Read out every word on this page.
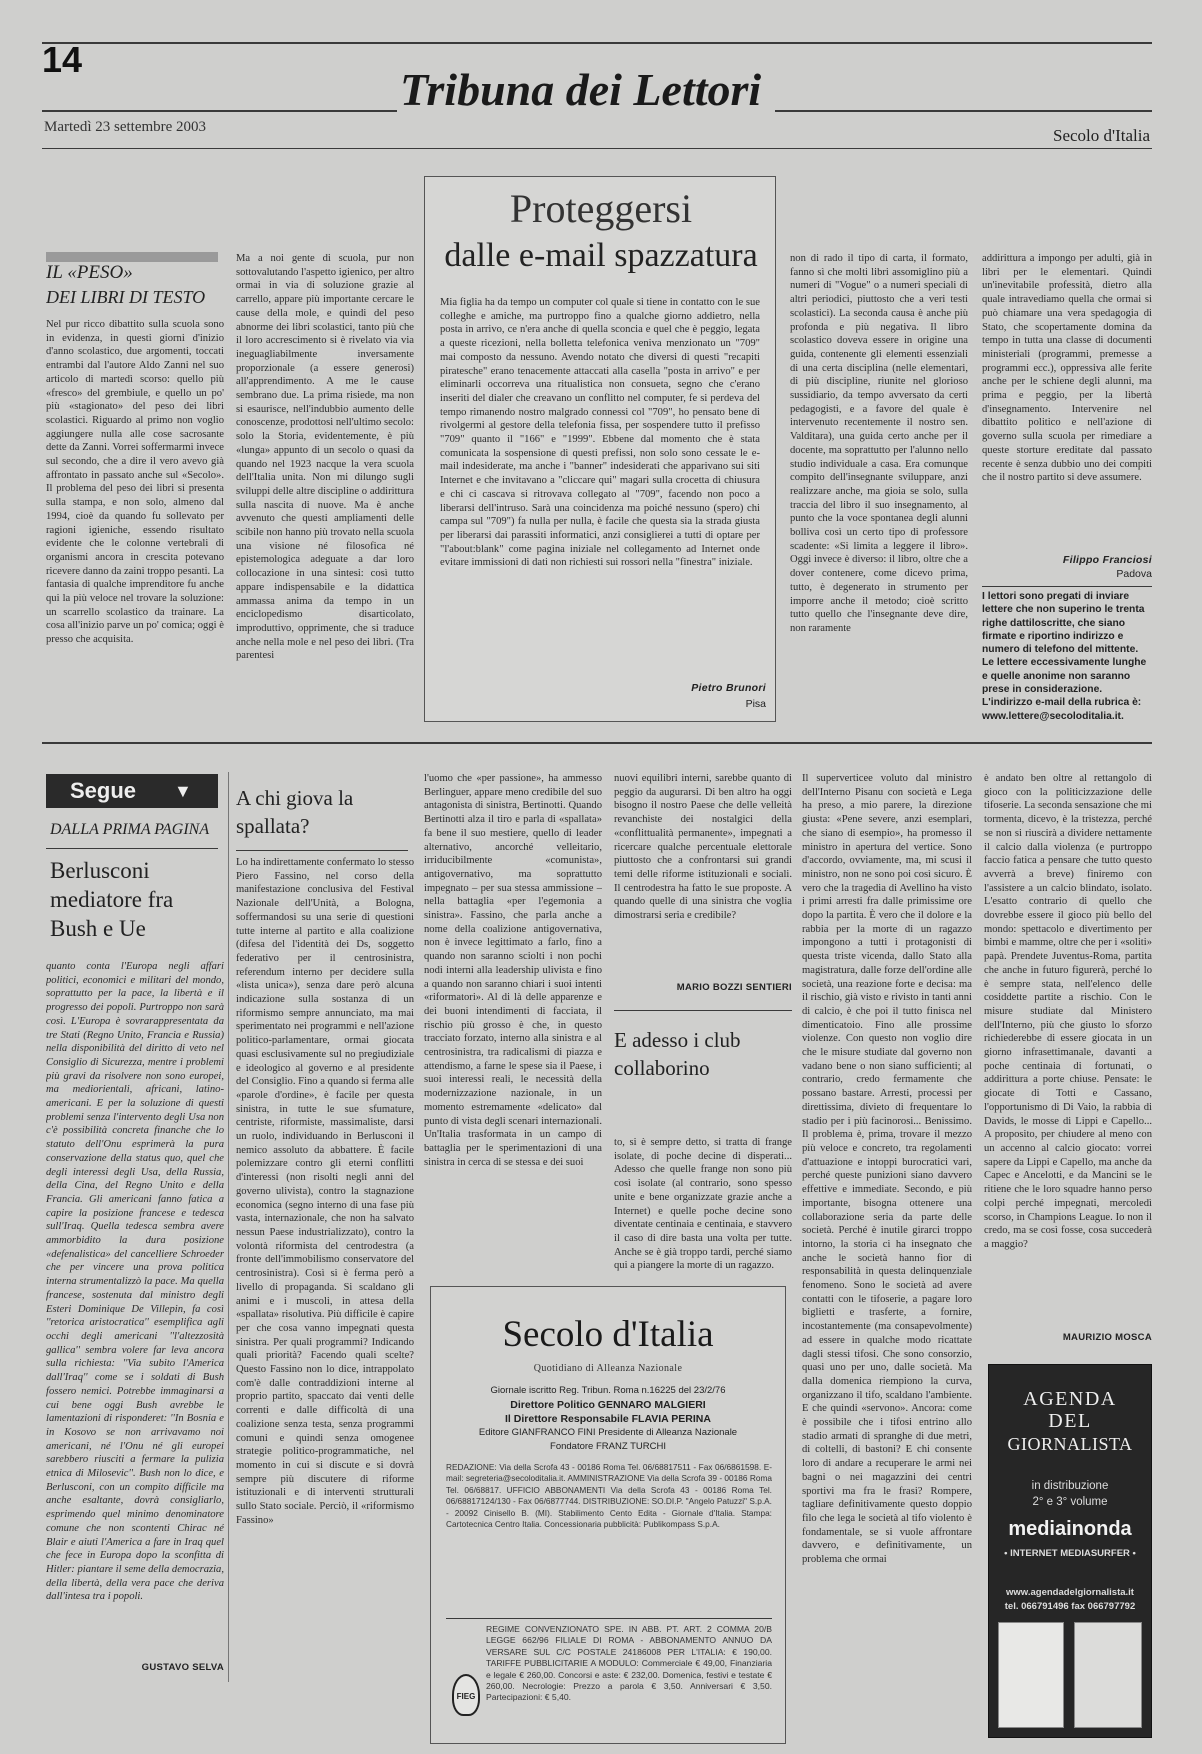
14
Tribuna dei Lettori
Martedì 23 settembre 2003	Secolo d'Italia
IL «PESO»
DEI LIBRI DI TESTO
Nel pur ricco dibattito sulla scuola sono in evidenza, in questi giorni d'inizio d'anno scolastico, due argomenti, toccati entrambi dal l'autore Aldo Zanni nel suo articolo di martedì scorso: quello più «fresco» del grembiule, e quello un po' più «stagionato» del peso dei libri scolastici. Riguardo al primo non voglio aggiungere nulla alle cose sacrosante dette da Zanni. Vorrei soffermarmi invece sul secondo, che a dire il vero avevo già affrontato in passato anche sul «Secolo». Il problema del peso dei libri si presenta sulla stampa, e non solo, almeno dal 1994, cioè da quando fu sollevato per ragioni igieniche, essendo risultato evidente che le colonne vertebrali di organismi ancora in crescita potevano ricevere danno da zaini troppo pesanti. La fantasia di qualche imprenditore fu anche qui la più veloce nel trovare la soluzione: un scarrello scolastico da trainare. La cosa all'inizio parve un po' comica; oggi è presso che acquisita.
Ma a noi gente di scuola, pur non sottovalutando l'aspetto igienico, per altro ormai in via di soluzione grazie al carrello, appare più importante cercare le cause della mole, e quindi del peso abnorme dei libri scolastici, tanto più che il loro accrescimento si è rivelato via via ineguagliabilmente inversamente proporzionale (a essere generosi) all'apprendimento. A me le cause sembrano due. La prima risiede, ma non si esaurisce, nell'indubbio aumento delle conoscenze, prodottosi nell'ultimo secolo: solo la Storia, evidentemente, è più «lunga» appunto di un secolo o quasi da quando nel 1923 nacque la vera scuola dell'Italia unita. Non mi dilungo sugli sviluppi delle altre discipline o addirittura sulla nascita di nuove. Ma è anche avvenuto che questi ampliamenti delle scibile non hanno più trovato nella scuola una visione né filosofica né epistemologica adeguate a dar loro collocazione in una sintesi: così tutto appare indispensabile e la didattica ammassa anima da tempo in un enciclopedismo disarticolato, improduttivo, opprimente, che si traduce anche nella mole e nel peso dei libri. (Tra parentesi
non di rado il tipo di carta, il formato, fanno sì che molti libri assomiglino più a numeri di "Vogue" o a numeri speciali di altri periodici, piuttosto che a veri testi scolastici). La seconda causa è anche più profonda e più negativa. Il libro scolastico doveva essere in origine una guida, contenente gli elementi essenziali di una certa disciplina (nelle elementari, di più discipline, riunite nel glorioso sussidiario, da tempo avversato da certi pedagogisti, e a favore del quale è intervenuto recentemente il nostro sen. Valditara), una guida certo anche per il docente, ma soprattutto per l'alunno nello studio individuale a casa. Era comunque compito dell'insegnante sviluppare, anzi realizzare anche, ma gioia se solo, sulla traccia del libro il suo insegnamento, al punto che la voce spontanea degli alunni bolliva così un certo tipo di professore scadente: «Si limita a leggere il libro». Oggi invece è diverso: il libro, oltre che a dover contenere, come dicevo prima, tutto, è degenerato in strumento per imporre anche il metodo; cioè scritto tutto quello che l'insegnante deve dire, non raramente
addirittura a impongo per adulti, già in libri per le elementari. Quindi un'inevitabile professità, dietro alla quale intravediamo quella che ormai si può chiamare una vera spedagogia di Stato, che scopertamente domina da tempo in tutta una classe di documenti ministeriali (programmi, premesse a programmi ecc.), oppressiva alle ferite anche per le schiene degli alunni, ma prima e peggio, per la libertà d'insegnamento. Intervenire nel dibattito politico e nell'azione di governo sulla scuola per rimediare a queste storture ereditate dal passato recente è senza dubbio uno dei compiti che il nostro partito si deve assumere.
Filippo Franciosi
Padova
I lettori sono pregati di inviare lettere che non superino le trenta righe dattiloscritte, che siano firmate e riportino indirizzo e numero di telefono del mittente. Le lettere eccessivamente lunghe e quelle anonime non saranno prese in considerazione. L'indirizzo e-mail della rubrica è: www.lettere@secoloditalia.it.
Proteggersi
dalle e-mail spazzatura
Mia figlia ha da tempo un computer col quale si tiene in contatto con le sue colleghe e amiche, ma purtroppo fino a qualche giorno addietro, nella posta in arrivo, ce n'era anche di quella sconcia e quel che è peggio, legata a queste ricezioni, nella bolletta telefonica veniva menzionato un "709" mai composto da nessuno. Avendo notato che diversi di questi "recapiti piratesche" erano tenacemente attaccati alla casella "posta in arrivo" e per eliminarli occorreva una ritualistica non consueta, segno che c'erano inseriti del dialer che creavano un conflitto nel computer, fe si perdeva del tempo rimanendo nostro malgrado connessi col "709", ho pensato bene di rivolgermi al gestore della telefonia fissa, per sospendere tutto il prefisso "709" quanto il "166" e "1999". Ebbene dal momento che è stata comunicata la sospensione di questi prefissi, non solo sono cessate le e-mail indesiderate, ma anche i "banner" indesiderati che apparivano sui siti Internet e che invitavano a "cliccare qui" magari sulla crocetta di chiusura e chi ci cascava si ritrovava collegato al "709", facendo non poco a liberarsi dell'intruso. Sarà una coincidenza ma poiché nessuno (spero) chi campa sul "709") fa nulla per nulla, è facile che questa sia la strada giusta per liberarsi dai parassiti informatici, anzi consiglierei a tutti di optare per "l'about:blank" come pagina iniziale nel collegamento ad Internet onde evitare immissioni di dati non richiesti sui rossori nella "finestra" iniziale.
Pietro Brunori
Pisa
Segue	▼
DALLA PRIMA PAGINA
Berlusconi mediatore fra Bush e Ue
quanto conta l'Europa negli affari politici, economici e militari del mondo, soprattutto per la pace, la libertà e il progresso dei popoli. Purtroppo non sarà così. L'Europa è sovrarappresentata da tre Stati (Regno Unito, Francia e Russia) nella disponibilità del diritto di veto nel Consiglio di Sicurezza, mentre i problemi più gravi da risolvere non sono europei, ma mediorientali, africani, latino-americani. E per la soluzione di questi problemi senza l'intervento degli Usa non c'è possibilità concreta finanche che lo statuto dell'Onu esprimerà la pura conservazione della status quo, quel che degli interessi degli Usa, della Russia, della Cina, del Regno Unito e della Francia. Gli americani fanno fatica a capire la posizione francese e tedesca sull'Iraq. Quella tedesca sembra avere ammorbidito la dura posizione «defenalistica» del cancelliere Schroeder che per vincere una prova politica interna strumentalizzò la pace. Ma quella francese, sostenuta dal ministro degli Esteri Dominique De Villepin, fa così ''retorica aristocratica'' esemplifica agli occhi degli americani ''l'altezzosità gallica'' sembra volere far leva ancora sulla richiesta: ''Via subito l'America dall'Iraq'' come se i soldati di Bush fossero nemici. Potrebbe immaginarsi a cui bene oggi Bush avrebbe le lamentazioni di risponderet: ''In Bosnia e in Kosovo se non arrivavamo noi americani, né l'Onu né gli europei sarebbero riusciti a fermare la pulizia etnica di Milosevic''. Bush non lo dice, e Berlusconi, con un compito difficile ma anche esaltante, dovrà consigliarlo, esprimendo quel minimo denominatore comune che non scontenti Chirac né Blair e aiuti l'America a fare in Iraq quel che fece in Europa dopo la sconfitta di Hitler: piantare il seme della democrazia, della libertà, della vera pace che deriva dall'intesa tra i popoli.
GUSTAVO SELVA
A chi giova la spallata?
Lo ha indirettamente confermato lo stesso Piero Fassino, nel corso della manifestazione conclusiva del Festival Nazionale dell'Unità, a Bologna, soffermandosi su una serie di questioni tutte interne al partito e alla coalizione (difesa del l'identità dei Ds, soggetto federativo per il centrosinistra, referendum interno per decidere sulla «lista unica»), senza dare però alcuna indicazione sulla sostanza di un riformismo sempre annunciato, ma mai sperimentato nei programmi e nell'azione politico-parlamentare, ormai giocata quasi esclusivamente sul no pregiudiziale e ideologico al governo e al presidente del Consiglio. Fino a quando si ferma alle «parole d'ordine», è facile per questa sinistra, in tutte le sue sfumature, centriste, riformiste, massimaliste, darsi un ruolo, individuando in Berlusconi il nemico assoluto da abbattere. È facile polemizzare contro gli eterni conflitti d'interessi (non risolti negli anni del governo ulivista), contro la stagnazione economica (segno interno di una fase più vasta, internazionale, che non ha salvato nessun Paese industrializzato), contro la volontà riformista del centrodestra (a fronte dell'immobilismo conservatore del centrosinistra). Così si è ferma però a livello di propaganda. Si scaldano gli animi e i muscoli, in attesa della «spallata» risolutiva. Più difficile è capire per che cosa vanno impegnati questa sinistra. Per quali programmi? Indicando quali priorità? Facendo quali scelte? Questo Fassino non lo dice, intrappolato com'è dalle contraddizioni interne al proprio partito, spaccato dai venti delle correnti e dalle difficoltà di una coalizione senza testa, senza programmi comuni e quindi senza omogenee strategie politico-programmatiche, nel momento in cui si discute e si dovrà sempre più discutere di riforme istituzionali e di interventi strutturali sullo Stato sociale. Perciò, il «riformismo Fassino»
l'uomo che «per passione», ha ammesso Berlinguer, appare meno credibile del suo antagonista di sinistra, Bertinotti. Quando Bertinotti alza il tiro e parla di «spallata» fa bene il suo mestiere, quello di leader alternativo, ancorché velleitario, irriducibilmente «comunista», antigovernativo, ma soprattutto impegnato – per sua stessa ammissione – nella battaglia «per l'egemonia a sinistra». Fassino, che parla anche a nome della coalizione antigovernativa, non è invece legittimato a farlo, fino a quando non saranno sciolti i non pochi nodi interni alla leadership ulivista e fino a quando non saranno chiari i suoi intenti «riformatori». Al di là delle apparenze e dei buoni intendimenti di facciata, il rischio più grosso è che, in questo tracciato forzato, interno alla sinistra e al centrosinistra, tra radicalismi di piazza e attendismo, a farne le spese sia il Paese, i suoi interessi reali, le necessità della modernizzazione nazionale, in un momento estremamente «delicato» dal punto di vista degli scenari internazionali. Un'Italia trasformata in un campo di battaglia per le sperimentazioni di una sinistra in cerca di se stessa e dei suoi
nuovi equilibri interni, sarebbe quanto di peggio da augurarsi. Di ben altro ha oggi bisogno il nostro Paese che delle velleità revanchiste dei nostalgici della «conflittualità permanente», impegnati a ricercare qualche percentuale elettorale piuttosto che a confrontarsi sui grandi temi delle riforme istituzionali e sociali. Il centrodestra ha fatto le sue proposte. A quando quelle di una sinistra che voglia dimostrarsi seria e credibile?
MARIO BOZZI SENTIERI
E adesso i club collaborino
to, si è sempre detto, si tratta di frange isolate, di poche decine di disperati... Adesso che quelle frange non sono più così isolate (al contrario, sono spesso unite e bene organizzate grazie anche a Internet) e quelle poche decine sono diventate centinaia e centinaia, e stavvero il caso di dire basta una volta per tutte. Anche se è già troppo tardi, perché siamo qui a piangere la morte di un ragazzo.
Secolo d'Italia
Quotidiano di Alleanza Nazionale
Giornale iscritto Reg. Tribun. Roma n.16225 del 23/2/76
Direttore Politico GENNARO MALGIERI
Il Direttore Responsabile FLAVIA PERINA
Editore GIANFRANCO FINI Presidente di Alleanza Nazionale
Fondatore FRANZ TURCHI
REDAZIONE: Via della Scrofa 43 - 00186 Roma Tel. 06/68817511 - Fax 06/6861598. E-mail: segreteria@secoloditalia.it. AMMINISTRAZIONE Via della Scrofa 39 - 00186 Roma Tel. 06/68817. UFFICIO ABBONAMENTI Via della Scrofa 43 - 00186 Roma Tel. 06/68817124/130 - Fax 06/6877744. DISTRIBUZIONE: SO.DI.P. "Angelo Patuzzi" S.p.A. - 20092 Cinisello B. (MI). Stabilimento Cento Edita - Giornale d'Italia. Stampa: Cartotecnica Centro Italia. Concessionaria pubblicità: Publikompass S.p.A.
FIEG
REGIME CONVENZIONATO SPE. IN ABB. PT. ART. 2 COMMA 20/B LEGGE 662/96 FILIALE DI ROMA - ABBONAMENTO ANNUO DA VERSARE SUL C/C POSTALE 24186008 PER L'ITALIA: € 190,00. TARIFFE PUBBLICITARIE A MODULO: Commerciale € 49,00, Finanziaria e legale € 260,00. Concorsi e aste: € 232,00. Domenica, festivi e testate € 260,00. Necrologie: Prezzo a parola € 3,50. Anniversari € 3,50. Partecipazioni: € 5,40.
Il superverticee voluto dal ministro dell'Interno Pisanu con società e Lega ha preso, a mio parere, la direzione giusta: «Pene severe, anzi esemplari, che siano di esempio», ha promesso il ministro in apertura del vertice. Sono d'accordo, ovviamente, ma, mi scusi il ministro, non ne sono poi così sicuro. È vero che la tragedia di Avellino ha visto i primi arresti fra dalle primissime ore dopo la partita. È vero che il dolore e la rabbia per la morte di un ragazzo impongono a tutti i protagonisti di questa triste vicenda, dallo Stato alla magistratura, dalle forze dell'ordine alle società, una reazione forte e decisa: ma il rischio, già visto e rivisto in tanti anni di calcio, è che poi il tutto finisca nel dimenticatoio. Fino alle prossime violenze. Con questo non voglio dire che le misure studiate dal governo non vadano bene o non siano sufficienti; al contrario, credo fermamente che possano bastare. Arresti, processi per direttissima, divieto di frequentare lo stadio per i più facinorosi... Benissimo. Il problema è, prima, trovare il mezzo più veloce e concreto, tra regolamenti d'attuazione e intoppi burocratici vari, perché queste punizioni siano davvero effettive e immediate. Secondo, e più importante, bisogna ottenere una collaborazione seria da parte delle società. Perché è inutile girarci troppo intorno, la storia ci ha insegnato che anche le società hanno fior di responsabilità in questa delinquenziale fenomeno. Sono le società ad avere contatti con le tifoserie, a pagare loro biglietti e trasferte, a fornire, incostantemente (ma consapevolmente) ad essere in qualche modo ricattate dagli stessi tifosi. Che sono consorzio, quasi uno per uno, dalle società. Ma dalla domenica riempiono la curva, organizzano il tifo, scaldano l'ambiente. E che quindi «servono». Ancora: come è possibile che i tifosi entrino allo stadio armati di spranghe di due metri, di coltelli, di bastoni? E chi consente loro di andare a recuperare le armi nei bagni o nei magazzini dei centri sportivi ma fra le frasi? Rompere, tagliare definitivamente questo doppio filo che lega le società al tifo violento è fondamentale, se si vuole affrontare davvero, e definitivamente, un problema che ormai
è andato ben oltre al rettangolo di gioco con la politicizzazione delle tifoserie. La seconda sensazione che mi tormenta, dicevo, è la tristezza, perché se non si riuscirà a dividere nettamente il calcio dalla violenza (e purtroppo faccio fatica a pensare che tutto questo avverrà a breve) finiremo con l'assistere a un calcio blindato, isolato. L'esatto contrario di quello che dovrebbe essere il gioco più bello del mondo: spettacolo e divertimento per bimbi e mamme, oltre che per i «soliti» papà. Prendete Juventus-Roma, partita che anche in futuro figurerà, perché lo è sempre stata, nell'elenco delle cosiddette partite a rischio. Con le misure studiate dal Ministero dell'Interno, più che giusto lo sforzo richiederebbe di essere giocata in un giorno infrasettimanale, davanti a poche centinaia di fortunati, o addirittura a porte chiuse. Pensate: le giocate di Totti e Cassano, l'opportunismo di Di Vaio, la rabbia di Davids, le mosse di Lippi e Capello... A proposito, per chiudere al meno con un accenno al calcio giocato: vorrei sapere da Lippi e Capello, ma anche da Capec e Ancelotti, e da Mancini se le ritiene che le loro squadre hanno perso colpi perché impegnati, mercoledì scorso, in Champions League. Io non il credo, ma se così fosse, cosa succederà a maggio?
MAURIZIO MOSCA
AGENDA
DEL
GIORNALISTA
in distribuzione
2° e 3° volume
mediainonda
• INTERNET MEDIASURFER •
www.agendadelgiornalista.it
tel. 066791496 fax 066797792
